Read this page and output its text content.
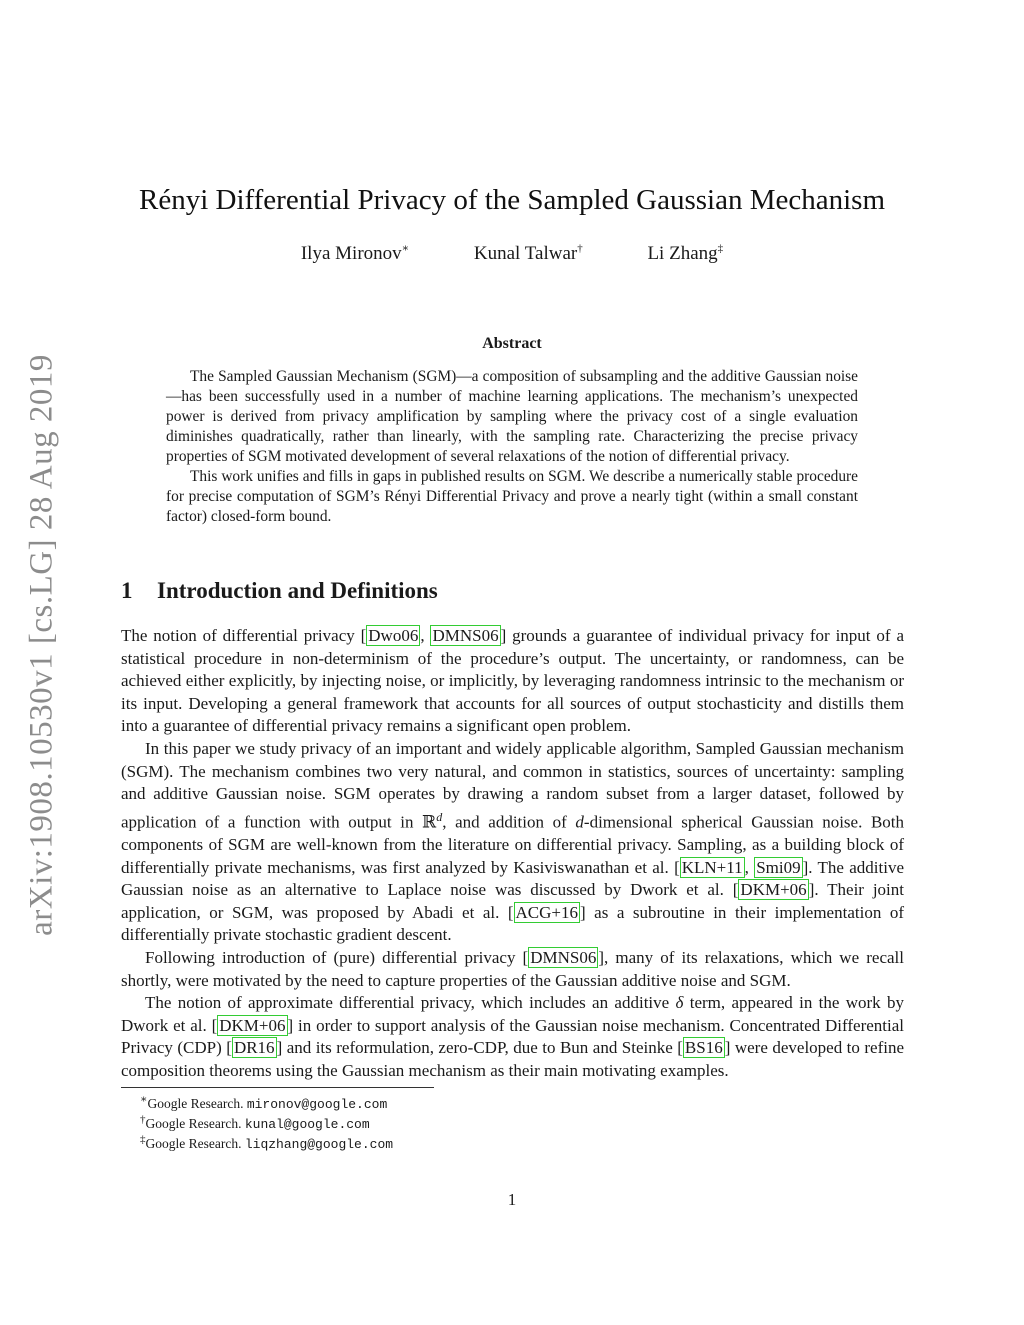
arXiv:1908.10530v1 [cs.LG] 28 Aug 2019
Rényi Differential Privacy of the Sampled Gaussian Mechanism
Ilya Mironov∗	Kunal Talwar†	Li Zhang‡
Abstract

The Sampled Gaussian Mechanism (SGM)—a composition of subsampling and the additive Gaussian noise—has been successfully used in a number of machine learning applications. The mechanism’s unexpected power is derived from privacy amplification by sampling where the privacy cost of a single evaluation diminishes quadratically, rather than linearly, with the sampling rate. Characterizing the precise privacy properties of SGM motivated development of several relaxations of the notion of differential privacy.

This work unifies and fills in gaps in published results on SGM. We describe a numerically stable procedure for precise computation of SGM’s Rényi Differential Privacy and prove a nearly tight (within a small constant factor) closed-form bound.

1 Introduction and Definitions

The notion of differential privacy [ Dwo06 , DMNS06 ] grounds a guarantee of individual privacy for input of a statistical procedure in non-determinism of the procedure’s output. The uncertainty, or randomness, can be achieved either explicitly, by injecting noise, or implicitly, by leveraging randomness intrinsic to the mechanism or its input. Developing a general framework that accounts for all sources of output stochasticity and distills them into a guarantee of differential privacy remains a significant open problem.

In this paper we study privacy of an important and widely applicable algorithm, Sampled Gaussian mechanism (SGM). The mechanism combines two very natural, and common in statistics, sources of uncertainty: sampling and additive Gaussian noise. SGM operates by drawing a random subset from a larger dataset, followed by application of a function with output in ℝ$^d$, and addition of d-dimensional spherical Gaussian noise. Both components of SGM are well-known from the literature on differential privacy. Sampling, as a building block of differentially private mechanisms, was first analyzed by Kasiviswanathan et al. [ KLN+11 , Smi09 ]. The additive Gaussian noise as an alternative to Laplace noise was discussed by Dwork et al. [ DKM+06 ]. Their joint application, or SGM, was proposed by Abadi et al. [ ACG+16 ] as a subroutine in their implementation of differentially private stochastic gradient descent.

Following introduction of (pure) differential privacy [ DMNS06 ], many of its relaxations, which we recall shortly, were motivated by the need to capture properties of the Gaussian additive noise and SGM.

The notion of approximate differential privacy, which includes an additive δ term, appeared in the work by Dwork et al. [ DKM+06 ] in order to support analysis of the Gaussian noise mechanism. Concentrated Differential Privacy (CDP) [ DR16 ] and its reformulation, zero-CDP, due to Bun and Steinke [ BS16 ] were developed to refine composition theorems using the Gaussian mechanism as their main motivating examples.

∗Google Research. mironov@google.com
†Google Research. kunal@google.com
‡Google Research. liqzhang@google.com
1
